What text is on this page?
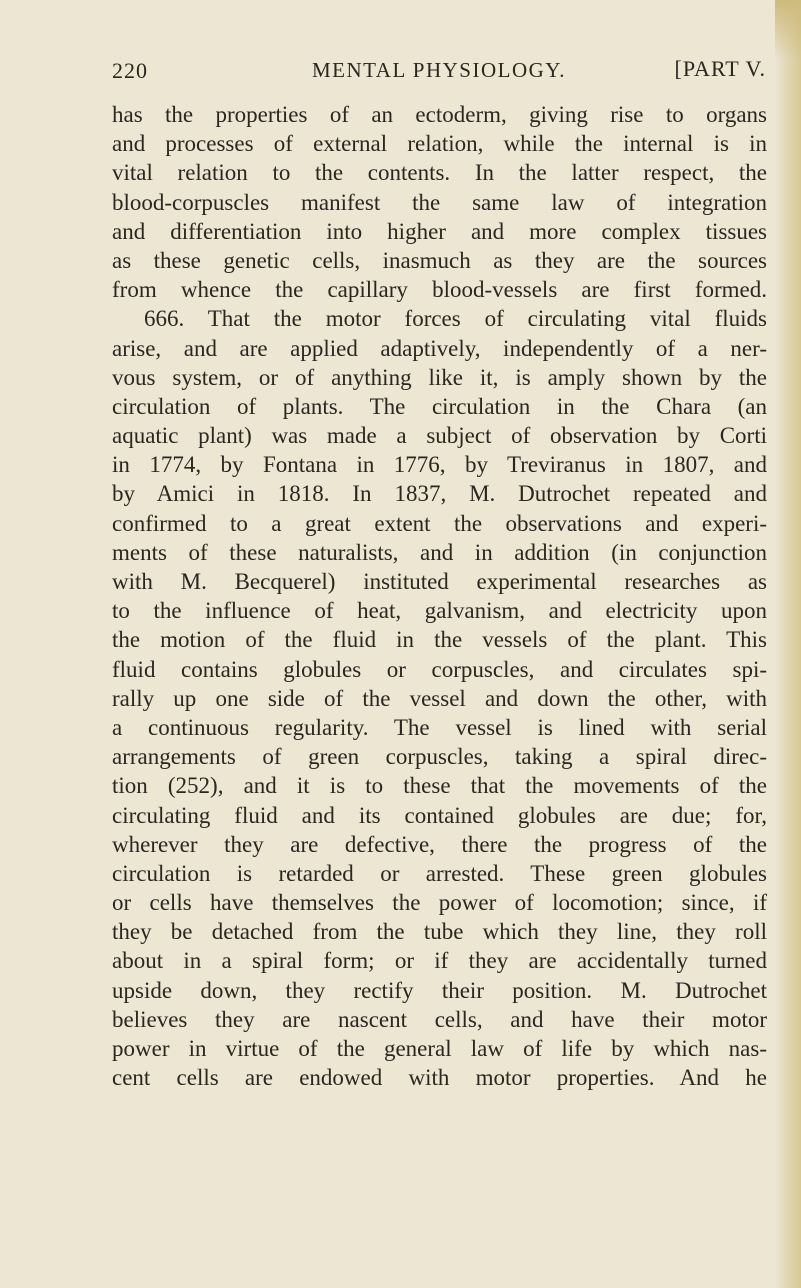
220	MENTAL PHYSIOLOGY.	[PART V.
has the properties of an ectoderm, giving rise to organs
and processes of external relation, while the internal is in
vital relation to the contents. In the latter respect, the
blood-corpuscles manifest the same law of integration
and differentiation into higher and more complex tissues
as these genetic cells, inasmuch as they are the sources
from whence the capillary blood-vessels are first formed.
666. That the motor forces of circulating vital fluids
arise, and are applied adaptively, independently of a ner-
vous system, or of anything like it, is amply shown by the
circulation of plants. The circulation in the Chara (an
aquatic plant) was made a subject of observation by Corti
in 1774, by Fontana in 1776, by Treviranus in 1807, and
by Amici in 1818. In 1837, M. Dutrochet repeated and
confirmed to a great extent the observations and experi-
ments of these naturalists, and in addition (in conjunction
with M. Becquerel) instituted experimental researches as
to the influence of heat, galvanism, and electricity upon
the motion of the fluid in the vessels of the plant. This
fluid contains globules or corpuscles, and circulates spi-
rally up one side of the vessel and down the other, with
a continuous regularity. The vessel is lined with serial
arrangements of green corpuscles, taking a spiral direc-
tion (252), and it is to these that the movements of the
circulating fluid and its contained globules are due; for,
wherever they are defective, there the progress of the
circulation is retarded or arrested. These green globules
or cells have themselves the power of locomotion; since, if
they be detached from the tube which they line, they roll
about in a spiral form; or if they are accidentally turned
upside down, they rectify their position. M. Dutrochet
believes they are nascent cells, and have their motor
power in virtue of the general law of life by which nas-
cent cells are endowed with motor properties. And he
